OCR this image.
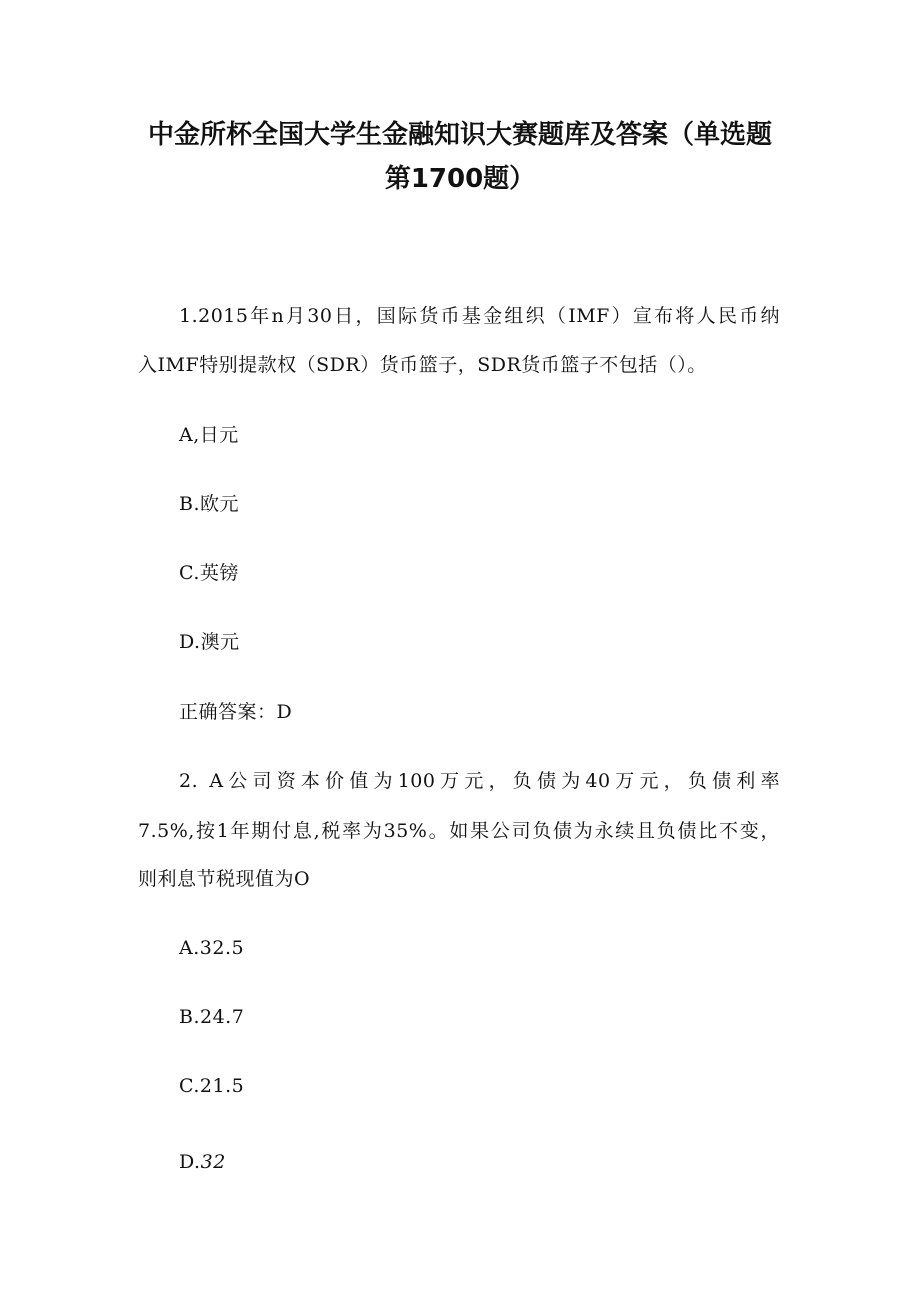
中金所杯全国大学生金融知识大赛题库及答案（单选题
第1700题）
1.2015年n月30日，国际货币基金组织（IMF）宣布将人民币纳
入IMF特别提款权（SDR）货币篮子，SDR货币篮子不包括（）。
A,日元
B.欧元
C.英镑
D.澳元
正确答案：D
2. A公司资本价值为100万元，负债为40万元，负债利率
7.5%,按1年期付息,税率为35%。如果公司负债为永续且负债比不变，
则利息节税现值为O
A.32.5
B.24.7
C.21.5
D.32
